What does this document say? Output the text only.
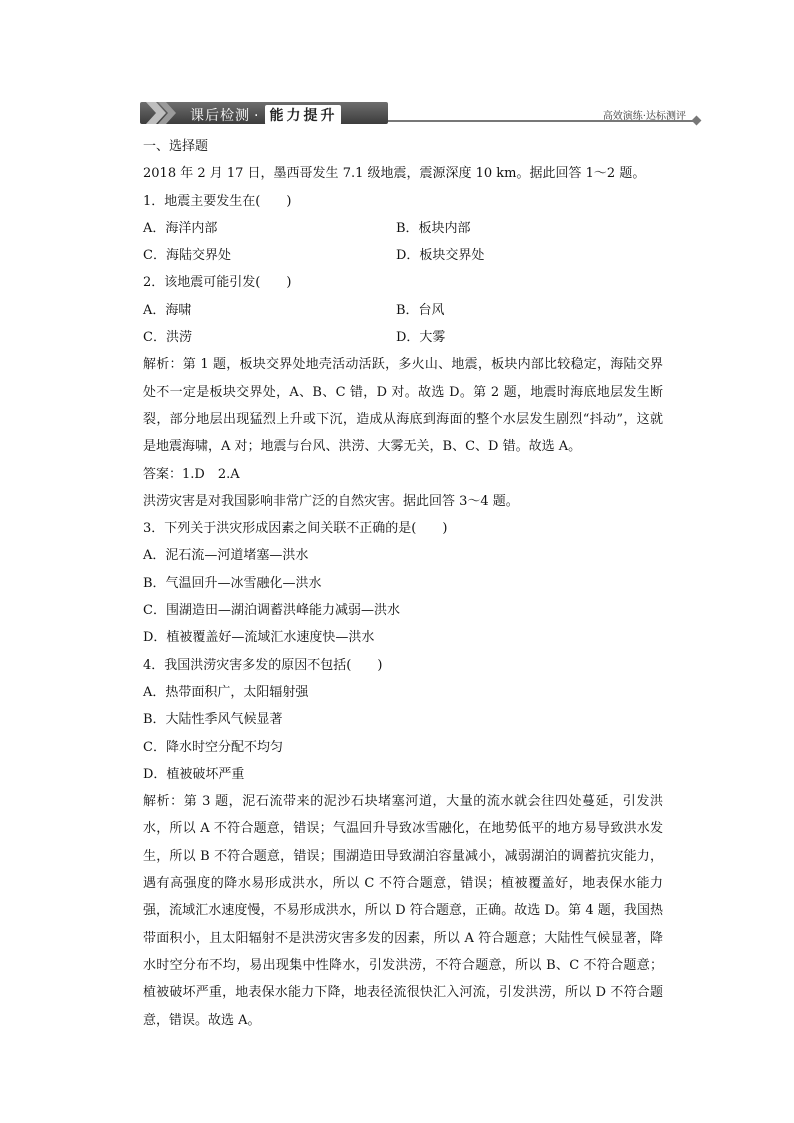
课后检测 · 能力提升	高效演练·达标测评
一、选择题
2018 年 2 月 17 日，墨西哥发生 7.1 级地震，震源深度 10 km。据此回答 1～2 题。
1．地震主要发生在(　　)
A．海洋内部	B．板块内部
C．海陆交界处	D．板块交界处
2．该地震可能引发(　　)
A．海啸	B．台风
C．洪涝	D．大雾
解析：第 1 题，板块交界处地壳活动活跃，多火山、地震，板块内部比较稳定，海陆交界处不一定是板块交界处，A、B、C 错，D 对。故选 D。第 2 题，地震时海底地层发生断裂，部分地层出现猛烈上升或下沉，造成从海底到海面的整个水层发生剧烈“抖动”，这就是地震海啸，A 对；地震与台风、洪涝、大雾无关，B、C、D 错。故选 A。
答案：1.D　2.A
洪涝灾害是对我国影响非常广泛的自然灾害。据此回答 3～4 题。
3．下列关于洪灾形成因素之间关联不正确的是(　　)
A．泥石流—河道堵塞—洪水
B．气温回升—冰雪融化—洪水
C．围湖造田—湖泊调蓄洪峰能力减弱—洪水
D．植被覆盖好—流域汇水速度快—洪水
4．我国洪涝灾害多发的原因不包括(　　)
A．热带面积广，太阳辐射强
B．大陆性季风气候显著
C．降水时空分配不均匀
D．植被破坏严重
解析：第 3 题，泥石流带来的泥沙石块堵塞河道，大量的流水就会往四处蔓延，引发洪水，所以 A 不符合题意，错误；气温回升导致冰雪融化，在地势低平的地方易导致洪水发生，所以 B 不符合题意，错误；围湖造田导致湖泊容量减小，减弱湖泊的调蓄抗灾能力，遇有高强度的降水易形成洪水，所以 C 不符合题意，错误；植被覆盖好，地表保水能力强，流域汇水速度慢，不易形成洪水，所以 D 符合题意，正确。故选 D。第 4 题，我国热带面积小，且太阳辐射不是洪涝灾害多发的因素，所以 A 符合题意；大陆性气候显著，降水时空分布不均，易出现集中性降水，引发洪涝，不符合题意，所以 B、C 不符合题意；植被破坏严重，地表保水能力下降，地表径流很快汇入河流，引发洪涝，所以 D 不符合题意，错误。故选 A。
